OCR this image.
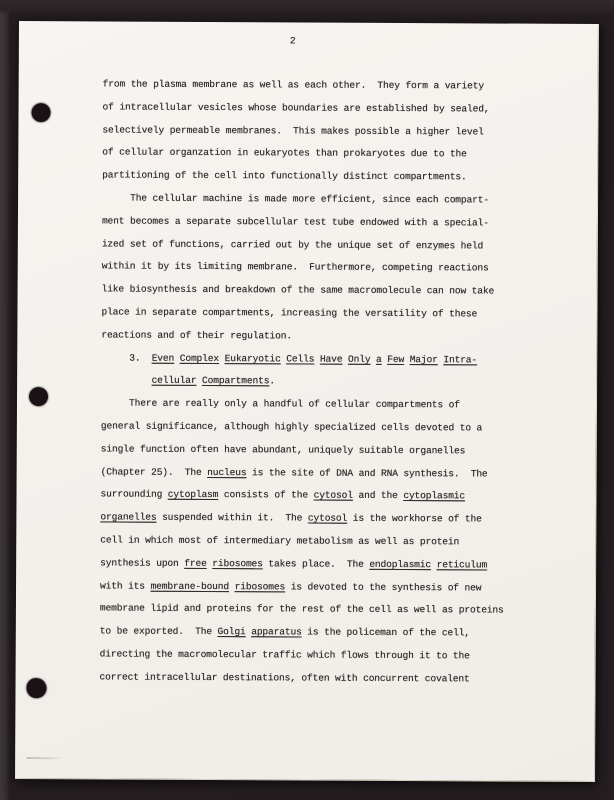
2
from the plasma membrane as well as each other.  They form a variety
of intracellular vesicles whose boundaries are established by sealed,
selectively permeable membranes.  This makes possible a higher level
of cellular organzation in eukaryotes than prokaryotes due to the
partitioning of the cell into functionally distinct compartments.
The cellular machine is made more efficient, since each compart-
ment becomes a separate subcellular test tube endowed with a special-
ized set of functions, carried out by the unique set of enzymes held
within it by its limiting membrane.  Furthermore, competing reactions
like biosynthesis and breakdown of the same macromolecule can now take
place in separate compartments, increasing the versatility of these
reactions and of their regulation.
3.  Even Complex Eukaryotic Cells Have Only a Few Major Intra-
cellular Compartments.
There are really only a handful of cellular compartments of
general significance, although highly specialized cells devoted to a
single function often have abundant, uniquely suitable organelles
(Chapter 25).  The nucleus is the site of DNA and RNA synthesis.  The
surrounding cytoplasm consists of the cytosol and the cytoplasmic
organelles suspended within it.  The cytosol is the workhorse of the
cell in which most of intermediary metabolism as well as protein
synthesis upon free ribosomes takes place.  The endoplasmic reticulum
with its membrane-bound ribosomes is devoted to the synthesis of new
membrane lipid and proteins for the rest of the cell as well as proteins
to be exported.  The Golgi apparatus is the policeman of the cell,
directing the macromolecular traffic which flows through it to the
correct intracellular destinations, often with concurrent covalent
